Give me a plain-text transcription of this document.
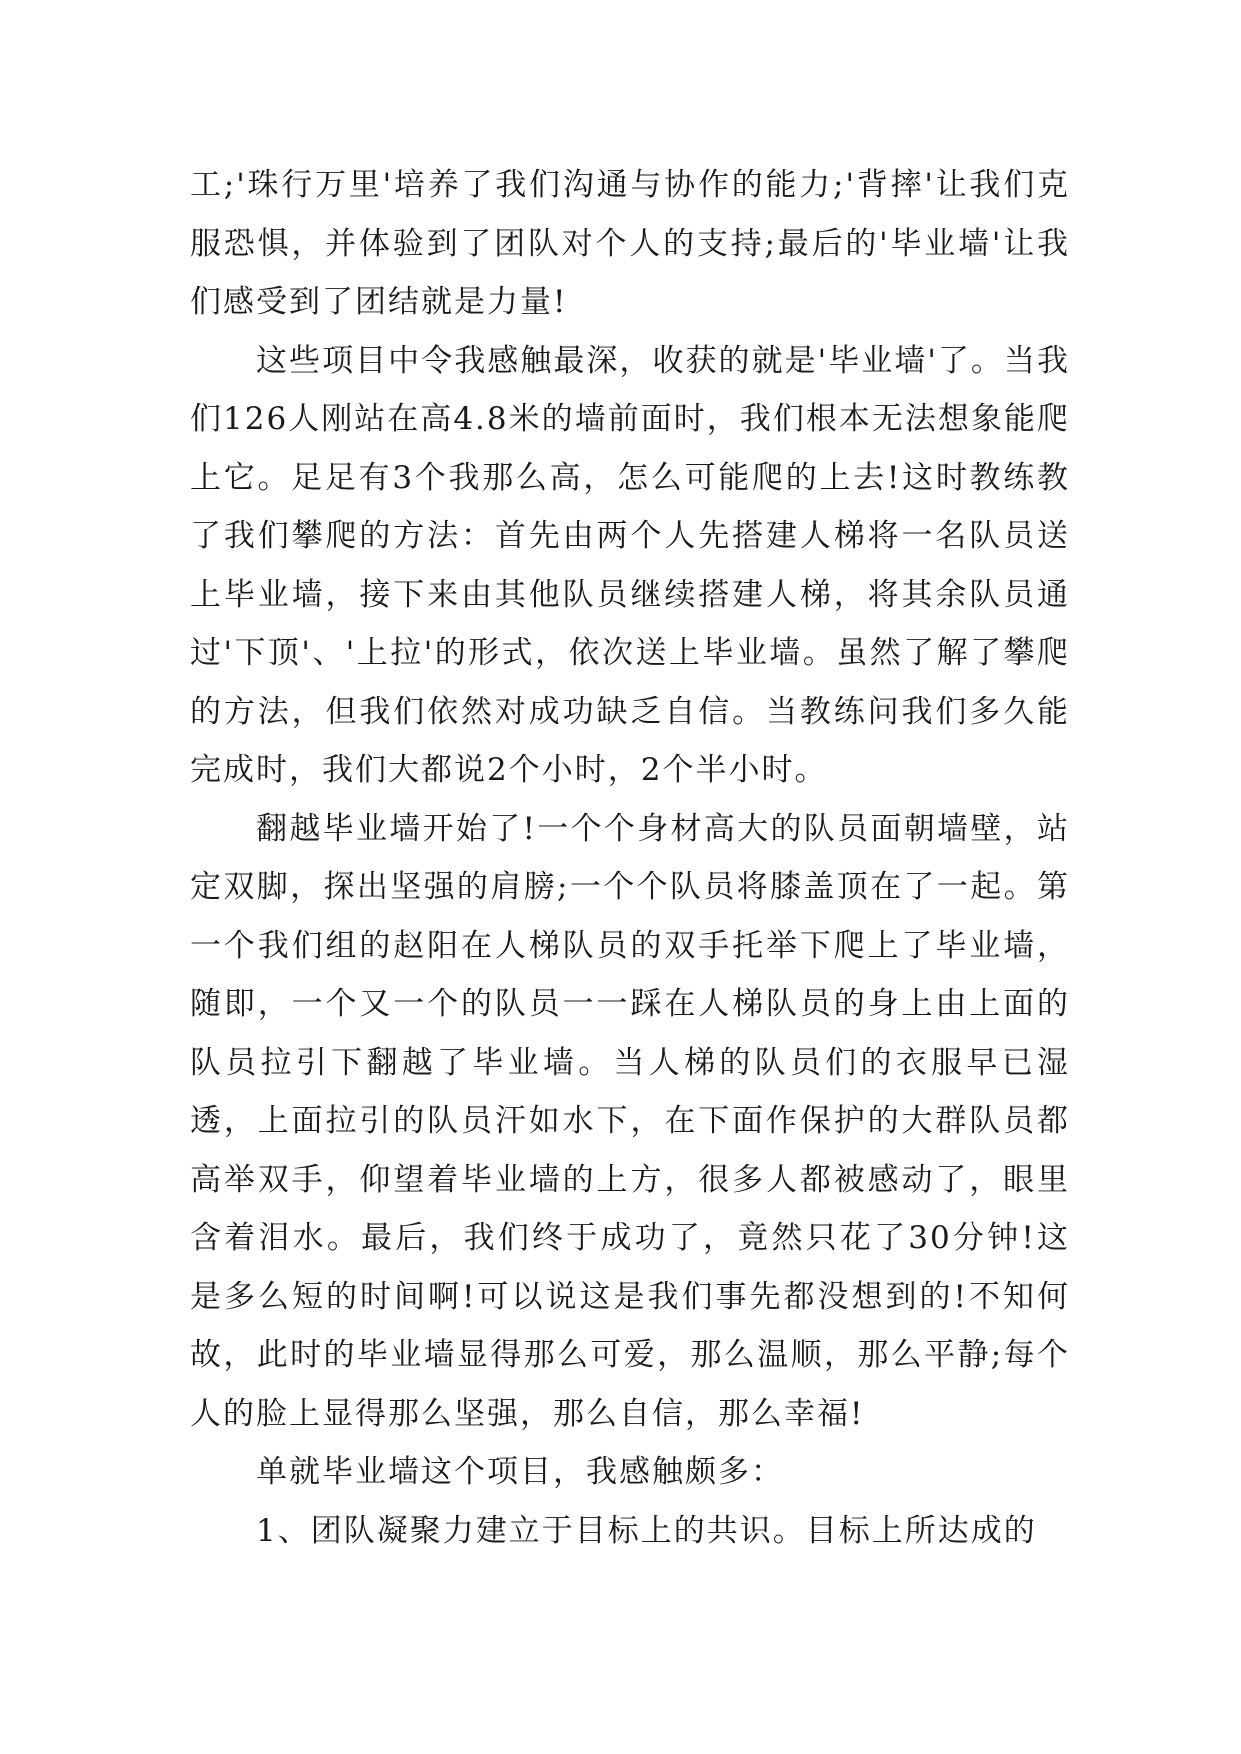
工;'珠行万里'培养了我们沟通与协作的能力;'背摔'让我们克服恐惧，并体验到了团队对个人的支持;最后的'毕业墙'让我们感受到了团结就是力量!

这些项目中令我感触最深，收获的就是'毕业墙'了。当我们126人刚站在高4.8米的墙前面时，我们根本无法想象能爬上它。足足有3个我那么高，怎么可能爬的上去!这时教练教了我们攀爬的方法：首先由两个人先搭建人梯将一名队员送上毕业墙，接下来由其他队员继续搭建人梯，将其余队员通过'下顶'、'上拉'的形式，依次送上毕业墙。虽然了解了攀爬的方法，但我们依然对成功缺乏自信。当教练问我们多久能完成时，我们大都说2个小时，2个半小时。

翻越毕业墙开始了!一个个身材高大的队员面朝墙壁，站定双脚，探出坚强的肩膀;一个个队员将膝盖顶在了一起。第一个我们组的赵阳在人梯队员的双手托举下爬上了毕业墙，随即，一个又一个的队员一一踩在人梯队员的身上由上面的队员拉引下翻越了毕业墙。当人梯的队员们的衣服早已湿透，上面拉引的队员汗如水下，在下面作保护的大群队员都高举双手，仰望着毕业墙的上方，很多人都被感动了，眼里含着泪水。最后，我们终于成功了，竟然只花了30分钟!这是多么短的时间啊!可以说这是我们事先都没想到的!不知何故，此时的毕业墙显得那么可爱，那么温顺，那么平静;每个人的脸上显得那么坚强，那么自信，那么幸福!

单就毕业墙这个项目，我感触颇多：

1、团队凝聚力建立于目标上的共识。目标上所达成的
